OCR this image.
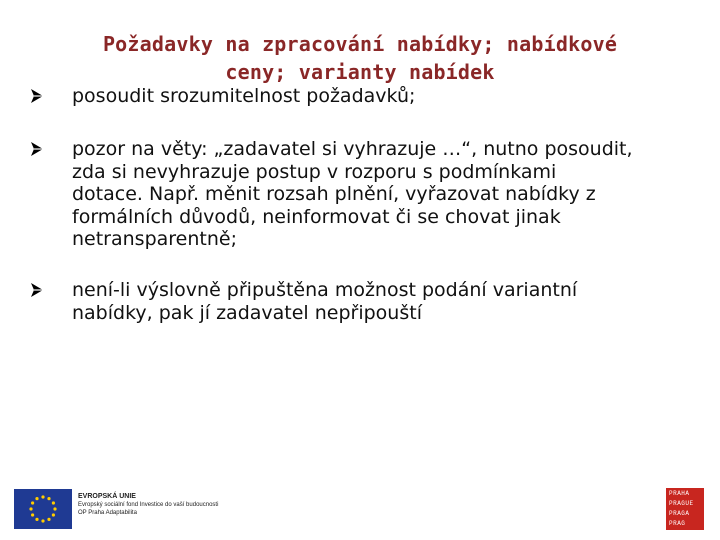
Požadavky na zpracování nabídky; nabídkové
ceny; varianty nabídek
posoudit srozumitelnost požadavků;
pozor na věty: „zadavatel si vyhrazuje …“, nutno posoudit,
zda si nevyhrazuje postup v rozporu s podmínkami
dotace. Např. měnit rozsah plnění, vyřazovat nabídky z
formálních důvodů, neinformovat či se chovat jinak
netransparentně;
není-li výslovně připuštěna možnost podání variantní
nabídky, pak jí zadavatel nepřipouští
EVROPSKÁ UNIE
Evropský sociální fond Investice do vaší budoucnosti
OP Praha Adaptabilita
PRAHA
PRAGUE
PRAGA
PRAG
